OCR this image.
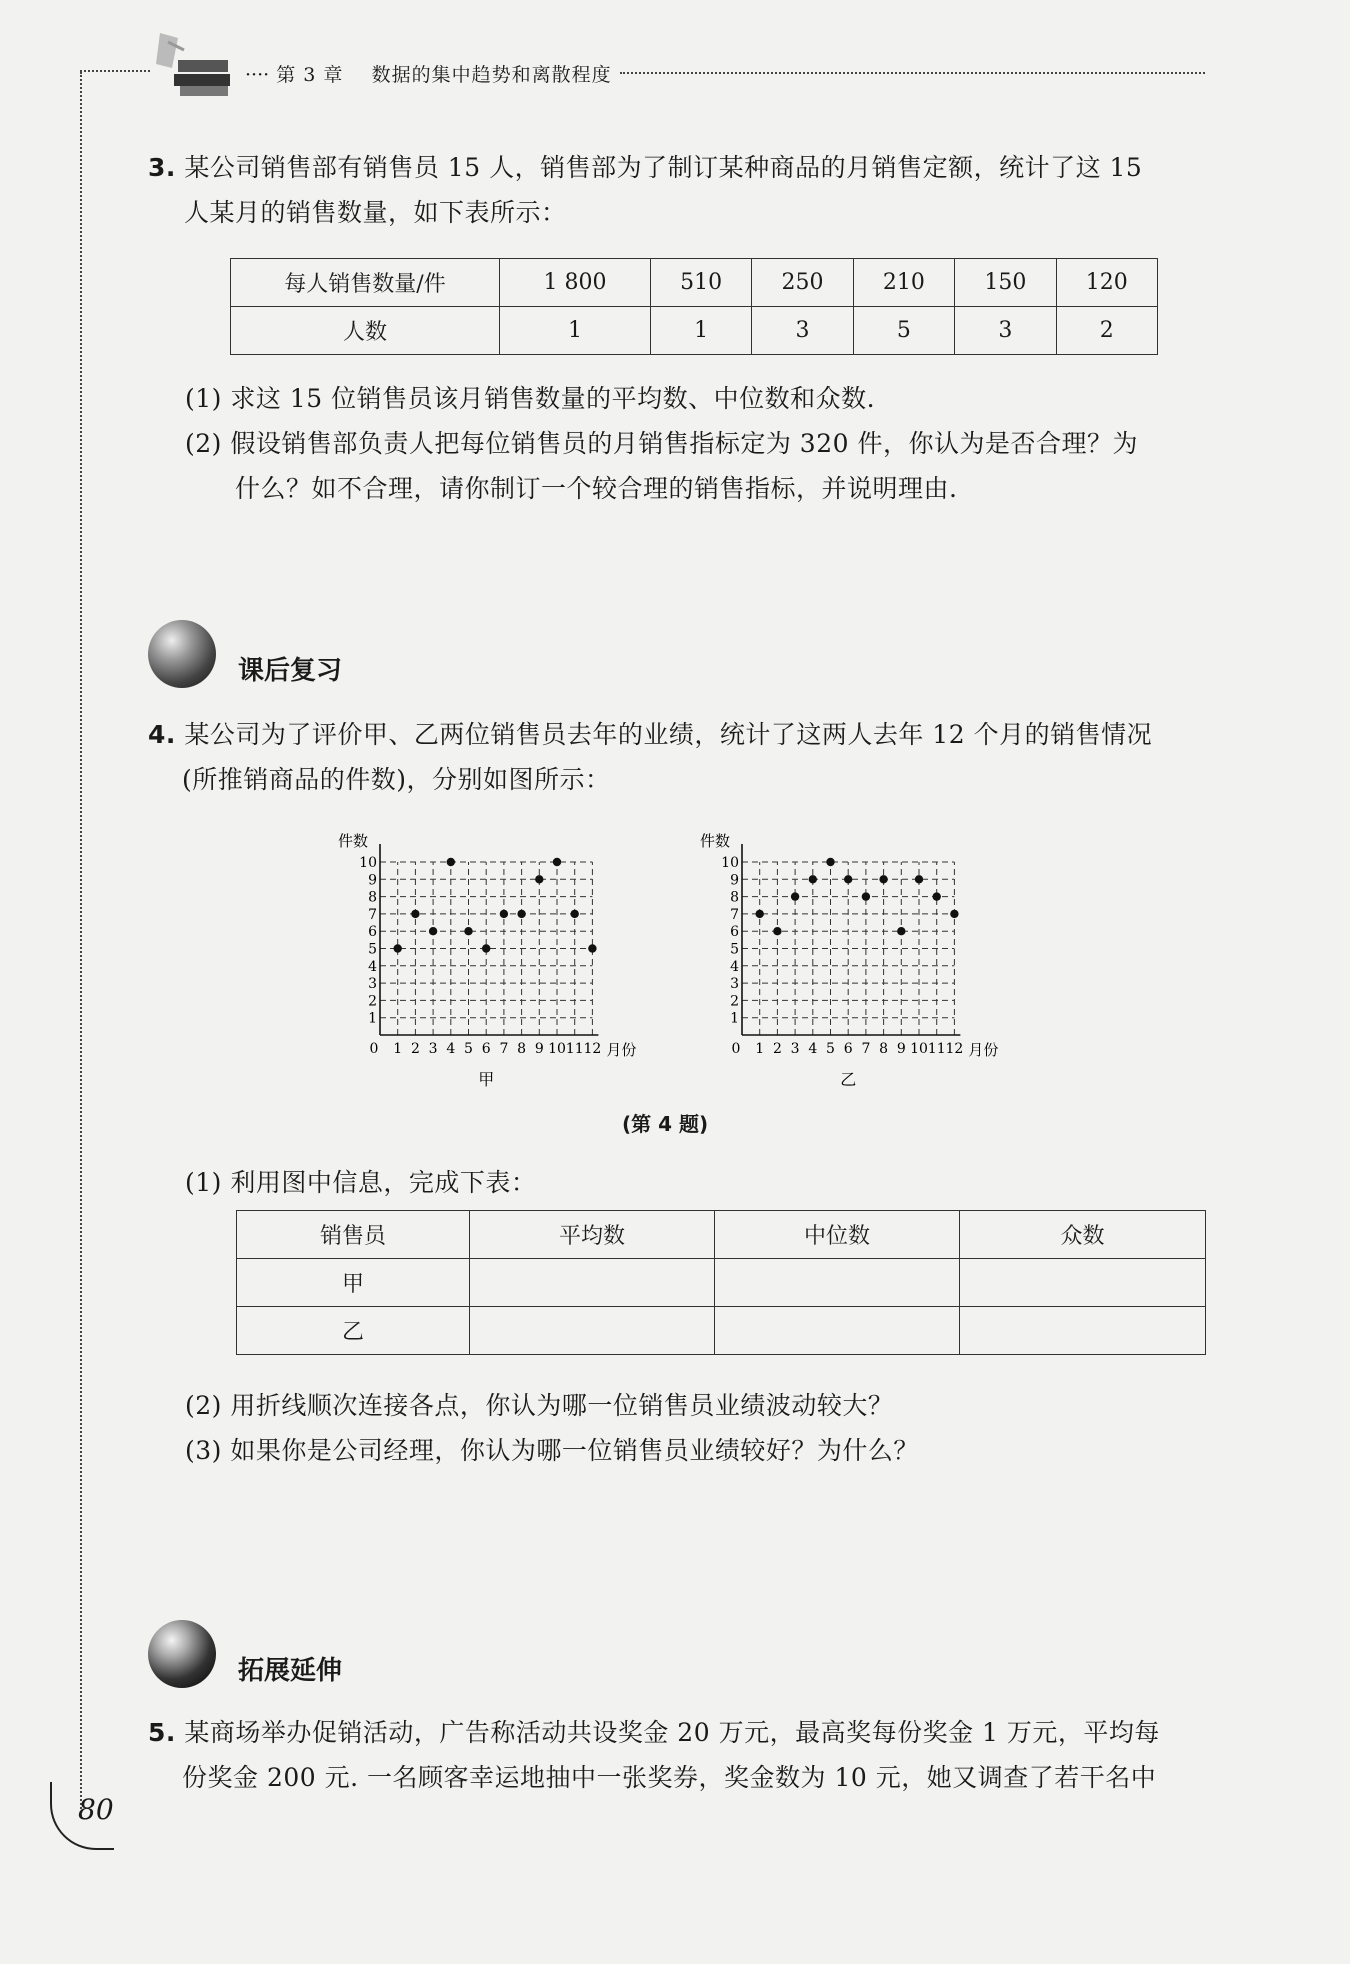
···· 第 3 章 数据的集中趋势和离散程度
3. 某公司销售部有销售员 15 人，销售部为了制订某种商品的月销售定额，统计了这 15
人某月的销售数量，如下表所示：
每人销售数量/件	1 800	510	250	210	150	120
人数	1	1	3	5	3	2
(1) 求这 15 位销售员该月销售数量的平均数、中位数和众数.
(2) 假设销售部负责人把每位销售员的月销售指标定为 320 件，你认为是否合理？为
什么？如不合理，请你制订一个较合理的销售指标，并说明理由.
课后复习
4. 某公司为了评价甲、乙两位销售员去年的业绩，统计了这两人去年 12 个月的销售情况
(所推销商品的件数)，分别如图所示：
1
2
3
4
5
6
7
8
9
10
1 2 3 4 5 6 7 8 9 10 11 12
0
件数
月份
甲
1
2
3
4
5
6
7
8
9
10
1 2 3 4 5 6 7 8 9 10 11 12
0
件数
月份
乙
(第 4 题)
(1) 利用图中信息，完成下表：
销售员	平均数	中位数	众数
甲			
乙			
(2) 用折线顺次连接各点，你认为哪一位销售员业绩波动较大？
(3) 如果你是公司经理，你认为哪一位销售员业绩较好？为什么？
拓展延伸
5. 某商场举办促销活动，广告称活动共设奖金 20 万元，最高奖每份奖金 1 万元，平均每
份奖金 200 元. 一名顾客幸运地抽中一张奖券，奖金数为 10 元，她又调查了若干名中
80
